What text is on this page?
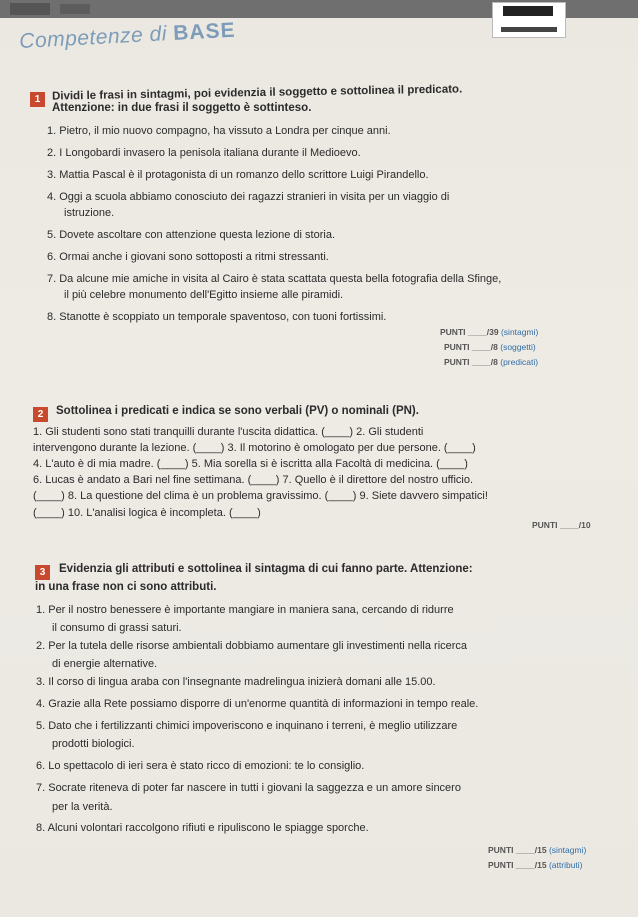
Competenze di BASE
1	Dividi le frasi in sintagmi, poi evidenzia il soggetto e sottolinea il predicato.
Attenzione: in due frasi il soggetto è sottinteso.
1. Pietro, il mio nuovo compagno, ha vissuto a Londra per cinque anni.
2. I Longobardi invasero la penisola italiana durante il Medioevo.
3. Mattia Pascal è il protagonista di un romanzo dello scrittore Luigi Pirandello.
4. Oggi a scuola abbiamo conosciuto dei ragazzi stranieri in visita per un viaggio di
istruzione.
5. Dovete ascoltare con attenzione questa lezione di storia.
6. Ormai anche i giovani sono sottoposti a ritmi stressanti.
7. Da alcune mie amiche in visita al Cairo è stata scattata questa bella fotografia della Sfinge,
il più celebre monumento dell'Egitto insieme alle piramidi.
8. Stanotte è scoppiato un temporale spaventoso, con tuoni fortissimi.
PUNTI ____/39 (sintagmi)
PUNTI ____/8 (soggetti)
PUNTI ____/8 (predicati)
2	Sottolinea i predicati e indica se sono verbali (PV) o nominali (PN).
1. Gli studenti sono stati tranquilli durante l'uscita didattica. (____) 2. Gli studenti
intervengono durante la lezione. (____) 3. Il motorino è omologato per due persone. (____)
4. L'auto è di mia madre. (____) 5. Mia sorella si è iscritta alla Facoltà di medicina. (____)
6. Lucas è andato a Bari nel fine settimana. (____) 7. Quello è il direttore del nostro ufficio.
(____) 8. La questione del clima è un problema gravissimo. (____) 9. Siete davvero simpatici!
(____) 10. L'analisi logica è incompleta. (____)
PUNTI ____/10
3	Evidenzia gli attributi e sottolinea il sintagma di cui fanno parte. Attenzione:
in una frase non ci sono attributi.
1. Per il nostro benessere è importante mangiare in maniera sana, cercando di ridurre
il consumo di grassi saturi.
2. Per la tutela delle risorse ambientali dobbiamo aumentare gli investimenti nella ricerca
di energie alternative.
3. Il corso di lingua araba con l'insegnante madrelingua inizierà domani alle 15.00.
4. Grazie alla Rete possiamo disporre di un'enorme quantità di informazioni in tempo reale.
5. Dato che i fertilizzanti chimici impoveriscono e inquinano i terreni, è meglio utilizzare
prodotti biologici.
6. Lo spettacolo di ieri sera è stato ricco di emozioni: te lo consiglio.
7. Socrate riteneva di poter far nascere in tutti i giovani la saggezza e un amore sincero
per la verità.
8. Alcuni volontari raccolgono rifiuti e ripuliscono le spiagge sporche.
PUNTI ____/15 (sintagmi)
PUNTI ____/15 (attributi)
